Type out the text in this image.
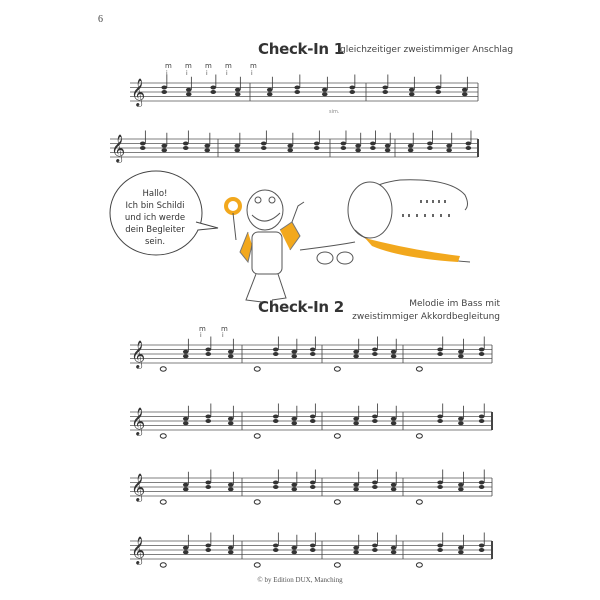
6
Check-In 1
gleichzeitiger zweistimmiger Anschlag
Check-In 2	Melodie im Bass mit
zweistimmiger Akkordbegleitung
𝄞
𝄞
𝄞
𝄞
𝄞
𝄞
Hallo!
Ich bin Schildi
und ich werde
dein Begleiter
sein.
m m m m	m
i	i	i	i	i
sim.
m m
i	i
© by Edition DUX, Manching
